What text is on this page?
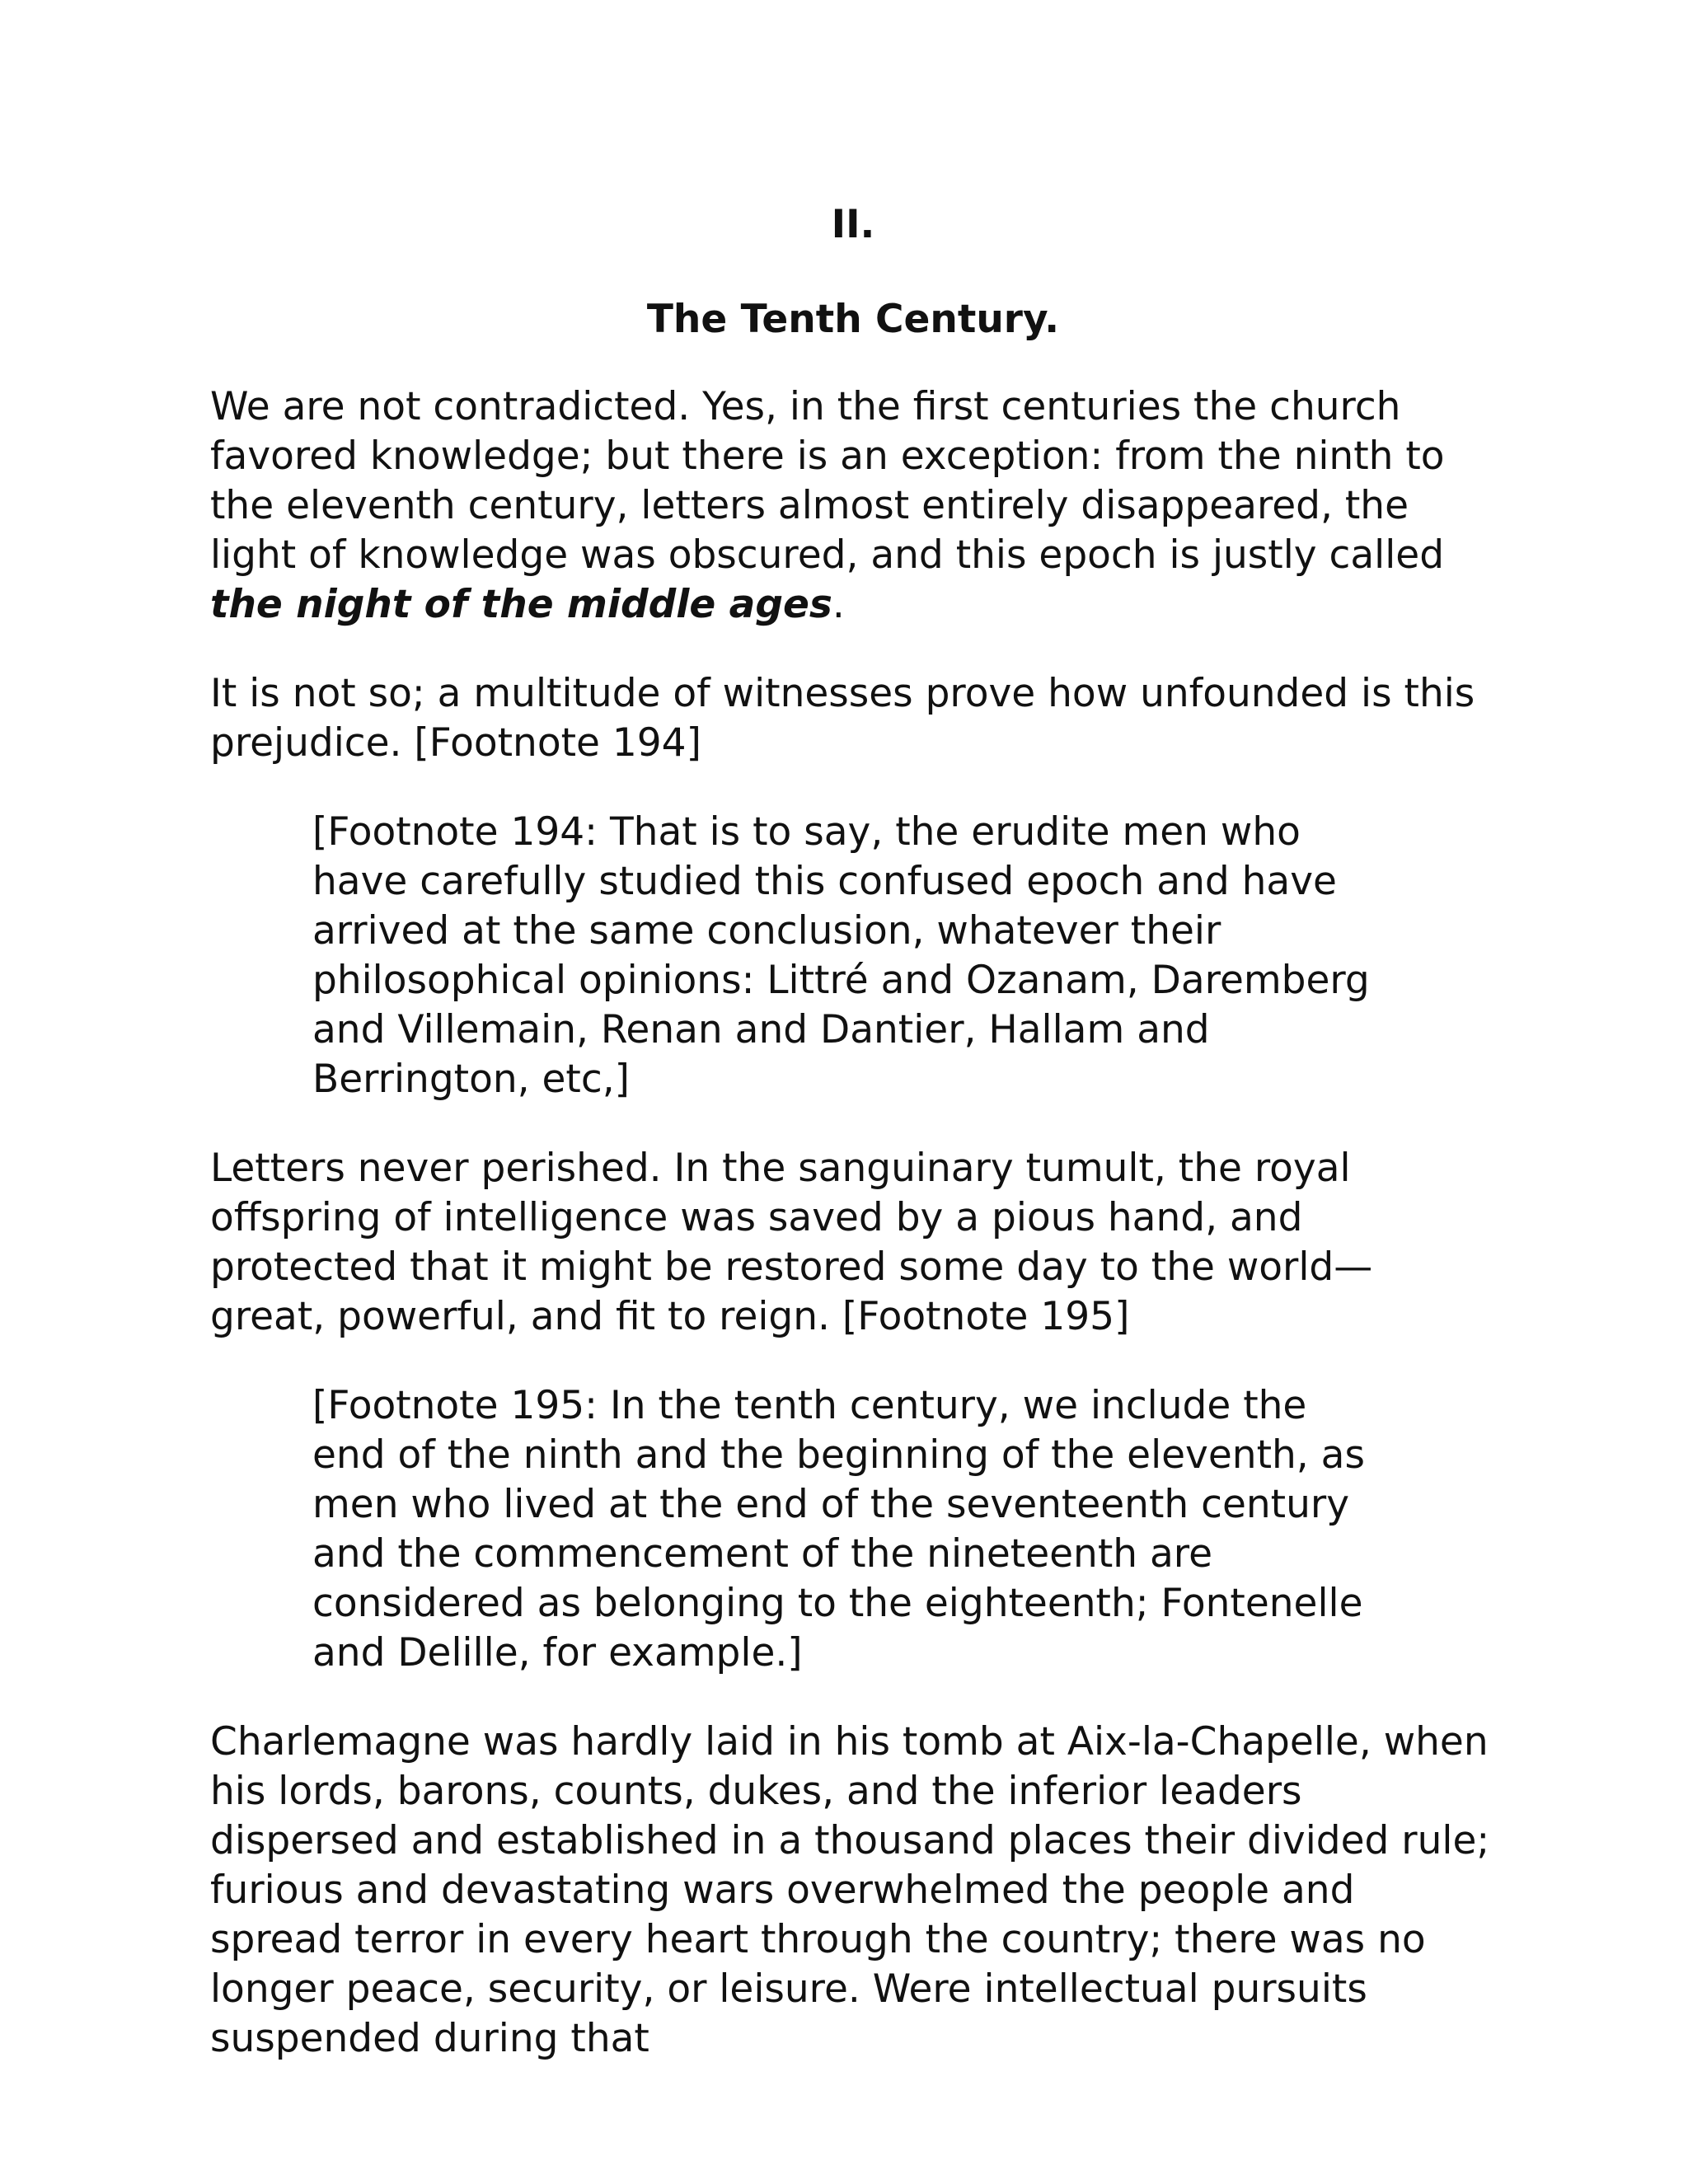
II.
The Tenth Century.

We are not contradicted. Yes, in the first centuries the church favored knowledge; but there is an exception: from the ninth to the eleventh century, letters almost entirely disappeared, the light of knowledge was obscured, and this epoch is justly called the night of the middle ages.

It is not so; a multitude of witnesses prove how unfounded is this prejudice. [Footnote 194]

[Footnote 194: That is to say, the erudite men who have carefully studied this confused epoch and have arrived at the same conclusion, whatever their philosophical opinions: Littré and Ozanam, Daremberg and Villemain, Renan and Dantier, Hallam and Berrington, etc,]

Letters never perished. In the sanguinary tumult, the royal offspring of intelligence was saved by a pious hand, and protected that it might be restored some day to the world— great, powerful, and fit to reign. [Footnote 195]

[Footnote 195: In the tenth century, we include the end of the ninth and the beginning of the eleventh, as men who lived at the end of the seventeenth century and the commencement of the nineteenth are considered as belonging to the eighteenth; Fontenelle and Delille, for example.]

Charlemagne was hardly laid in his tomb at Aix-la-Chapelle, when his lords, barons, counts, dukes, and the inferior leaders dispersed and established in a thousand places their divided rule; furious and devastating wars overwhelmed the people and spread terror in every heart through the country; there was no longer peace, security, or leisure. Were intellectual pursuits suspended during that
